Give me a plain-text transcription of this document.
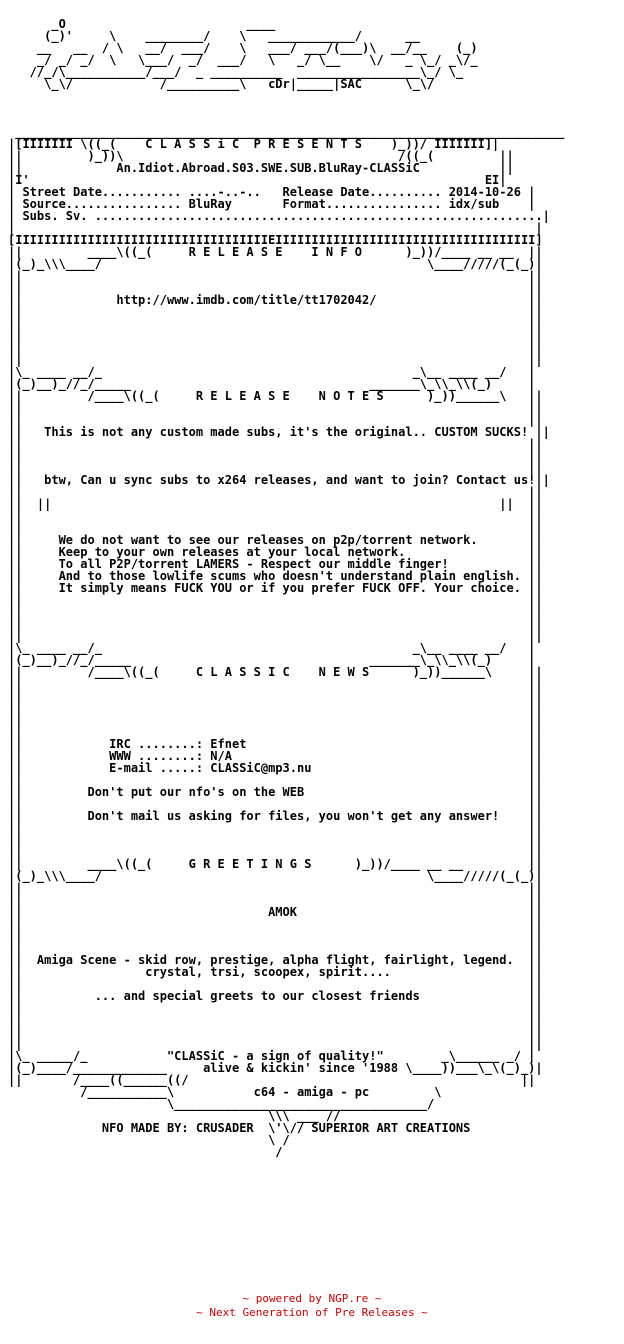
_O                         ____
(_)'     \    ________/    \   ____________/      __
__   __  / \   __/  ___/    \   ___/ ___/(___)\  __/__    (_)
_/ _/ _/  \   \___/  _/  ___/   \   _/ \__    \/   _ \_/ _\/_
//_/\___________/___/  _ __________  _________________\_/ \_
\_\/            /__________\   cDr|_____|SAC      \_\/

____________________________________________________________________________
|[IIIIIII \((_(    C L A S S i C  P R E S E N T S    )_))/ IIIIIII]|
||         )_))\                                      /((_(         ||
||             An.Idiot.Abroad.S03.SWE.SUB.BluRay-CLASSiC           ||
|I'                                                               EI|
| Street Date........... ....-..-..   Release Date.......... 2014-10-26 |
| Source................ BluRay       Format................ idx/sub    |
| Subs. Sv. ..............................................................|
|                                                                        |
[IIIIIIIIIIIIIIIIIIIIIIIIIIIIIIIIIIIEIIIIIIIIIIIIIIIIIIIIIIIIIIIIIIIIIIII]
||         ____\((_(     R E L E A S E    I N F O      )_))/____ __ __  ||
|(_)_\\\____/                                             \____/////(_(_)|
||                                                                      ||
||                                                                      ||
||             http://www.imdb.com/title/tt1702042/                     ||
||                                                                      ||
||                                                                      ||
||                                                                      ||
||                                                                      ||
||                                                                      ||
|\_ ____ __/_                                           _\__ ____ __/   |
|(_)__)_//_/_____                                 _______\_\\_\\(_)     |
||         /____\((_(     R E L E A S E    N O T E S      )_))______\   ||
||                                                                      ||
||                                                                      ||
||   This is not any custom made subs, it's the original.. CUSTOM SUCKS! ||
||                                                                      ||
||                                                                      ||
||                                                                      ||
||   btw, Can u sync subs to x264 releases, and want to join? Contact us!||
||                                                                      ||
||  ||                                                              ||  ||
||                                                                      ||
||                                                                      ||
||     We do not want to see our releases on p2p/torrent network.       ||
||     Keep to your own releases at your local network.                 ||
||     To all P2P/torrent LAMERS - Respect our middle finger!           ||
||     And to those lowlife scums who doesn't understand plain english. ||
||     It simply means FUCK YOU or if you prefer FUCK OFF. Your choice. ||
||                                                                      ||
||                                                                      ||
||                                                                      ||
||                                                                      ||
|\_ ____ __/_                                           _\__ ____ __/   |
|(_)__)_//_/_____                                 _______\_\\_\\(_)     |
||         /____\((_(     C L A S S I C    N E W S      )_))______\     ||
||                                                                      ||
||                                                                      ||
||                                                                      ||
||                                                                      ||
||                                                                      ||
||            IRC ........: Efnet                                       ||
||            WWW ........: N/A                                         ||
||            E-mail .....: CLASSiC@mp3.nu                              ||
||                                                                      ||
||         Don't put our nfo's on the WEB                               ||
||                                                                      ||
||         Don't mail us asking for files, you won't get any answer!    ||
||                                                                      ||
||                                                                      ||
||                                                                      ||
||         ____\((_(     G R E E T I N G S      )_))/____ __ __         ||
|(_)_\\\____/                                             \____/////(_(_)|
||                                                                      ||
||                                                                      ||
||                                  AMOK                                ||
||                                                                      ||
||                                                                      ||
||                                                                      ||
||  Amiga Scene - skid row, prestige, alpha flight, fairlight, legend.  ||
||                 crystal, trsi, scoopex, spirit....                   ||
||                                                                      ||
||          ... and special greets to our closest friends               ||
||                                                                      ||
||                                                                      ||
||                                                                      ||
||                                                                      ||
|\_ _____/_           "CLASSiC - a sign of quality!"        _\______ _/ |
|(_)____/_____________     alive & kickin' since '1988 \____))___\_\(_)_)|
||       /____((______((/                                              ||
/___________\           c64 - amiga - pc         \
\___________________________________/
\\\ ___ //
NFO MADE BY: CRUSADER  \'\// SUPERIOR ART CREATIONS
\ /
/

~ powered by NGP.re ~
~ Next Generation of Pre Releases ~
